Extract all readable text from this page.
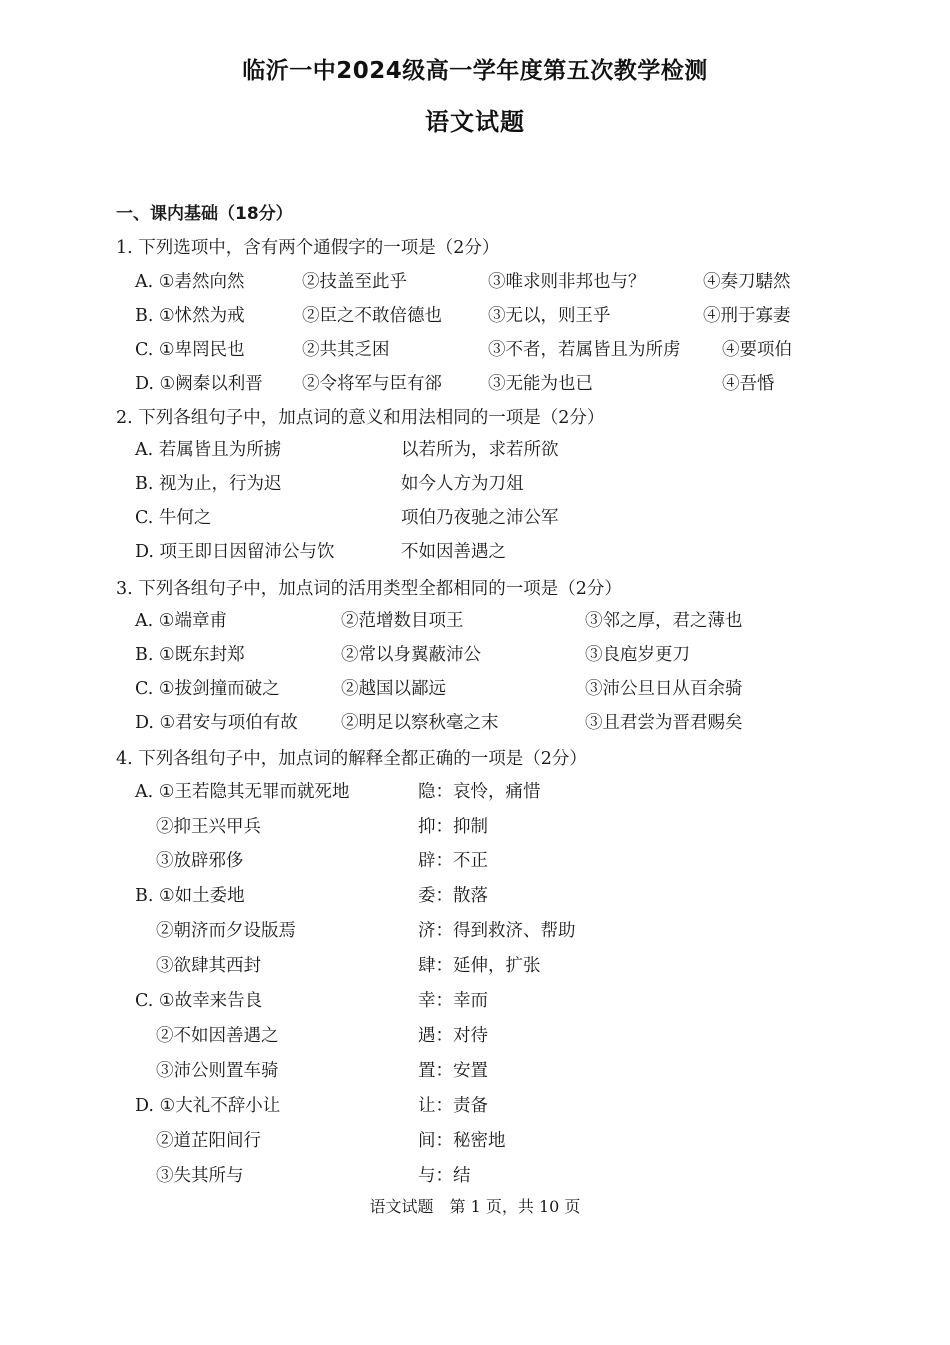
临沂一中2024级高一学年度第五次教学检测
语文试题
一、课内基础（18分）
1. 下列选项中，含有两个通假字的一项是（2分）
A. ①砉然向然	②技盖至此乎	③唯求则非邦也与？	④奏刀騞然
B. ①怵然为戒	②臣之不敢倍德也	③无以，则王乎	④刑于寡妻
C. ①卑罔民也	②共其乏困	③不者，若属皆且为所虏 ④要项伯
D. ①阙秦以利晋 ②令将军与臣有郤	③无能为也已	④吾惛
2. 下列各组句子中，加点词的意义和用法相同的一项是（2分）
A. 若属皆且为所掳	以若所为，求若所欲
B. 视为止，行为迟	如今人方为刀俎
C. 牛何之	项伯乃夜驰之沛公军
D. 项王即日因留沛公与饮	不如因善遇之
3. 下列各组句子中，加点词的活用类型全都相同的一项是（2分）
A. ①端章甫	②范增数目项王	③邻之厚，君之薄也
B. ①既东封郑	②常以身翼蔽沛公	③良庖岁更刀
C. ①拔剑撞而破之	②越国以鄙远	③沛公旦日从百余骑
D. ①君安与项伯有故 ②明足以察秋毫之末	③且君尝为晋君赐矣
4. 下列各组句子中，加点词的解释全都正确的一项是（2分）
A. ①王若隐其无罪而就死地	隐：哀怜，痛惜
②抑王兴甲兵	抑：抑制
③放辟邪侈	辟：不正
B. ①如土委地	委：散落
②朝济而夕设版焉	济：得到救济、帮助
③欲肆其西封	肆：延伸，扩张
C. ①故幸来告良	幸：幸而
②不如因善遇之	遇：对待
③沛公则置车骑	置：安置
D. ①大礼不辞小让	让：责备
②道芷阳间行	间：秘密地
③失其所与	与：结
语文试题　第 1 页，共 10 页
